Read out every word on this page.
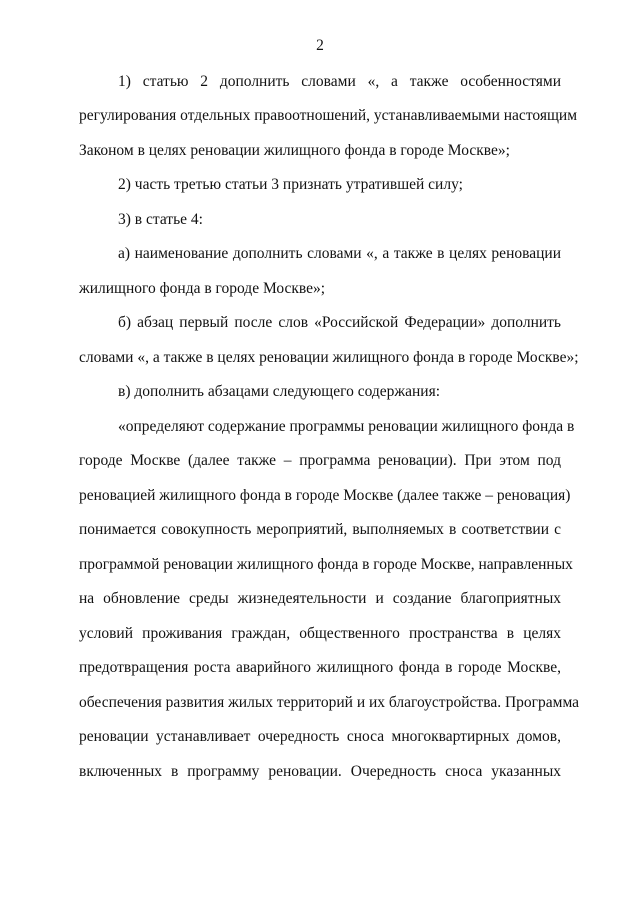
2
1) статью 2 дополнить словами «, а также особенностями
регулирования отдельных правоотношений, устанавливаемыми настоящим
Законом в целях реновации жилищного фонда в городе Москве»;
2) часть третью статьи 3 признать утратившей силу;
3) в статье 4:
а) наименование дополнить словами «, а также в целях реновации
жилищного фонда в городе Москве»;
б) абзац первый после слов «Российской Федерации» дополнить
словами «, а также в целях реновации жилищного фонда в городе Москве»;
в) дополнить абзацами следующего содержания:
«определяют содержание программы реновации жилищного фонда в
городе Москве (далее также – программа реновации). При этом под
реновацией жилищного фонда в городе Москве (далее также – реновация)
понимается совокупность мероприятий, выполняемых в соответствии с
программой реновации жилищного фонда в городе Москве, направленных
на обновление среды жизнедеятельности и создание благоприятных
условий проживания граждан, общественного пространства в целях
предотвращения роста аварийного жилищного фонда в городе Москве,
обеспечения развития жилых территорий и их благоустройства. Программа
реновации устанавливает очередность сноса многоквартирных домов,
включенных в программу реновации. Очередность сноса указанных
